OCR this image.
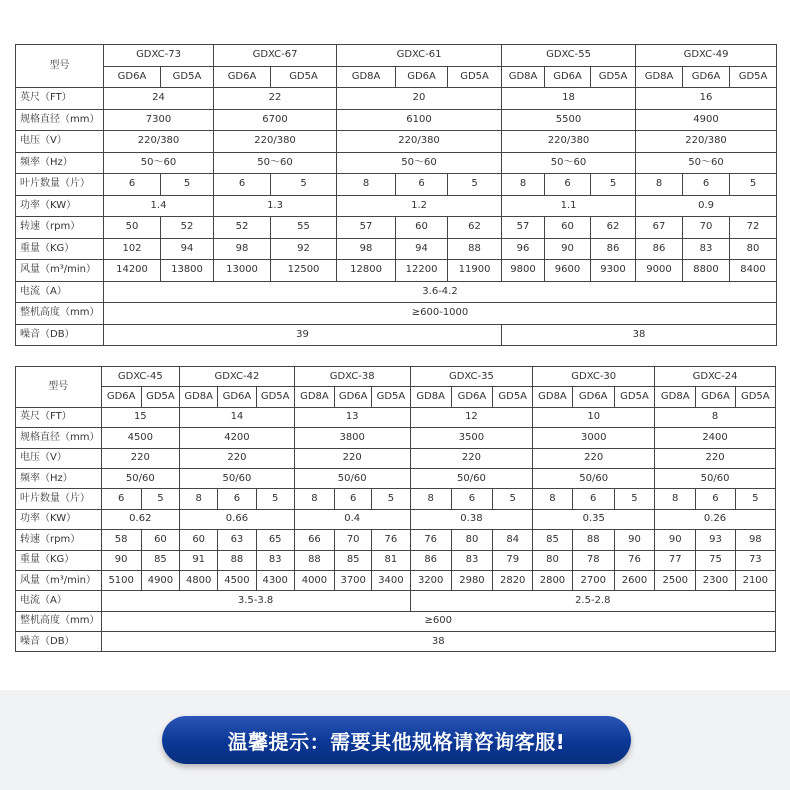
型号	GDXC-73		GDXC-67		GDXC-61			GDXC-55			GDXC-49		
	GD6A	GD5A	GD6A	GD5A	GD8A	GD6A	GD5A	GD8A	GD6A	GD5A	GD8A	GD6A	GD5A
英尺（FT）	24		22		20			18			16		
规格直径（mm）	7300		6700		6100			5500			4900		
电压（V）	220/380		220/380		220/380			220/380			220/380		
频率（Hz）	50～60		50～60		50～60			50～60			50～60		
叶片数量（片）	6	5	6	5	8	6	5	8	6	5	8	6	5
功率（KW）	1.4		1.3		1.2			1.1			0.9		
转速（rpm）	50	52	52	55	57	60	62	57	60	62	67	70	72
重量（KG）	102	94	98	92	98	94	88	96	90	86	86	83	80
风量（m³/min）	14200	13800	13000	12500	12800	12200	11900	9800	9600	9300	9000	8800	8400
电流（A）	3.6-4.2												
整机高度（mm）	≥600-1000												
噪音（DB）	39							38					
型号	GDXC-45		GDXC-42			GDXC-38			GDXC-35			GDXC-30			GDXC-24		
	GD6A	GD5A	GD8A	GD6A	GD5A	GD8A	GD6A	GD5A	GD8A	GD6A	GD5A	GD8A	GD6A	GD5A	GD8A	GD6A	GD5A
英尺（FT）	15		14			13			12			10			8		
规格直径（mm）	4500		4200			3800			3500			3000			2400		
电压（V）	220		220			220			220			220			220		
频率（Hz）	50/60		50/60			50/60			50/60			50/60			50/60		
叶片数量（片）	6	5	8	6	5	8	6	5	8	6	5	8	6	5	8	6	5
功率（KW）	0.62		0.66			0.4			0.38			0.35			0.26		
转速（rpm）	58	60	60	63	65	66	70	76	76	80	84	85	88	90	90	93	98
重量（KG）	90	85	91	88	83	88	85	81	86	83	79	80	78	76	77	75	73
风量（m³/min）	5100	4900	4800	4500	4300	4000	3700	3400	3200	2980	2820	2800	2700	2600	2500	2300	2100
电流（A）	3.5-3.8								2.5-2.8								
整机高度（mm）	≥600																
噪音（DB）	38																
温馨提示：需要其他规格请咨询客服!
